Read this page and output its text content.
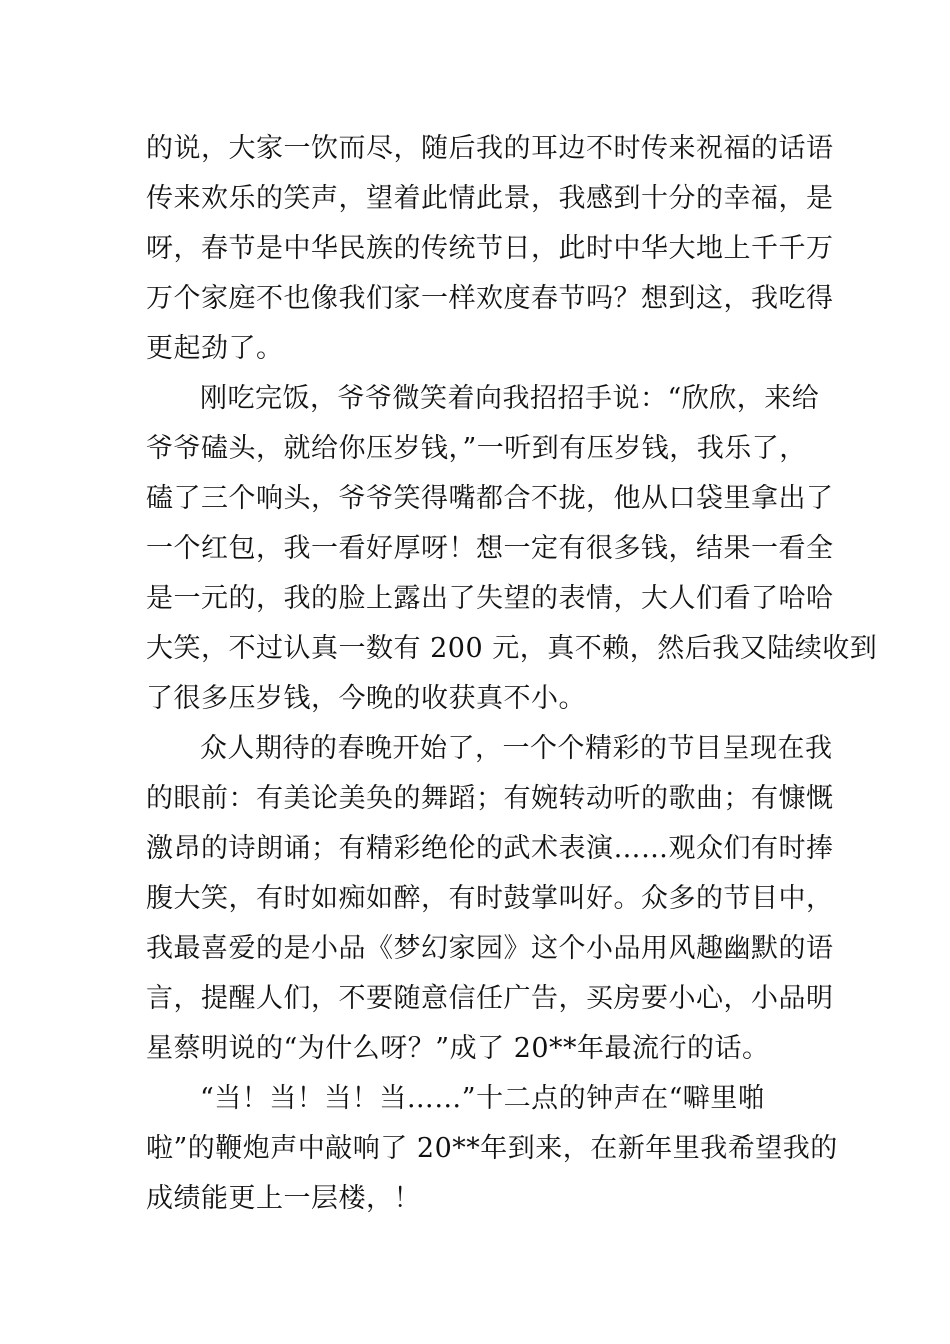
的说，大家一饮而尽，随后我的耳边不时传来祝福的话语
传来欢乐的笑声，望着此情此景，我感到十分的幸福，是
呀，春节是中华民族的传统节日，此时中华大地上千千万
万个家庭不也像我们家一样欢度春节吗？想到这，我吃得
更起劲了。
刚吃完饭，爷爷微笑着向我招招手说：“欣欣，来给
爷爷磕头，就给你压岁钱，”一听到有压岁钱，我乐了，
磕了三个响头，爷爷笑得嘴都合不拢，他从口袋里拿出了
一个红包，我一看好厚呀！想一定有很多钱，结果一看全
是一元的，我的脸上露出了失望的表情，大人们看了哈哈
大笑，不过认真一数有 200 元，真不赖，然后我又陆续收到
了很多压岁钱，今晚的收获真不小。
众人期待的春晚开始了，一个个精彩的节目呈现在我
的眼前：有美论美奂的舞蹈；有婉转动听的歌曲；有慷慨
激昂的诗朗诵；有精彩绝伦的武术表演……观众们有时捧
腹大笑，有时如痴如醉，有时鼓掌叫好。众多的节目中，
我最喜爱的是小品《梦幻家园》这个小品用风趣幽默的语
言，提醒人们，不要随意信任广告，买房要小心，小品明
星蔡明说的“为什么呀？”成了 20**年最流行的话。
“当！当！当！当……”十二点的钟声在“噼里啪
啦”的鞭炮声中敲响了 20**年到来，在新年里我希望我的
成绩能更上一层楼，！
